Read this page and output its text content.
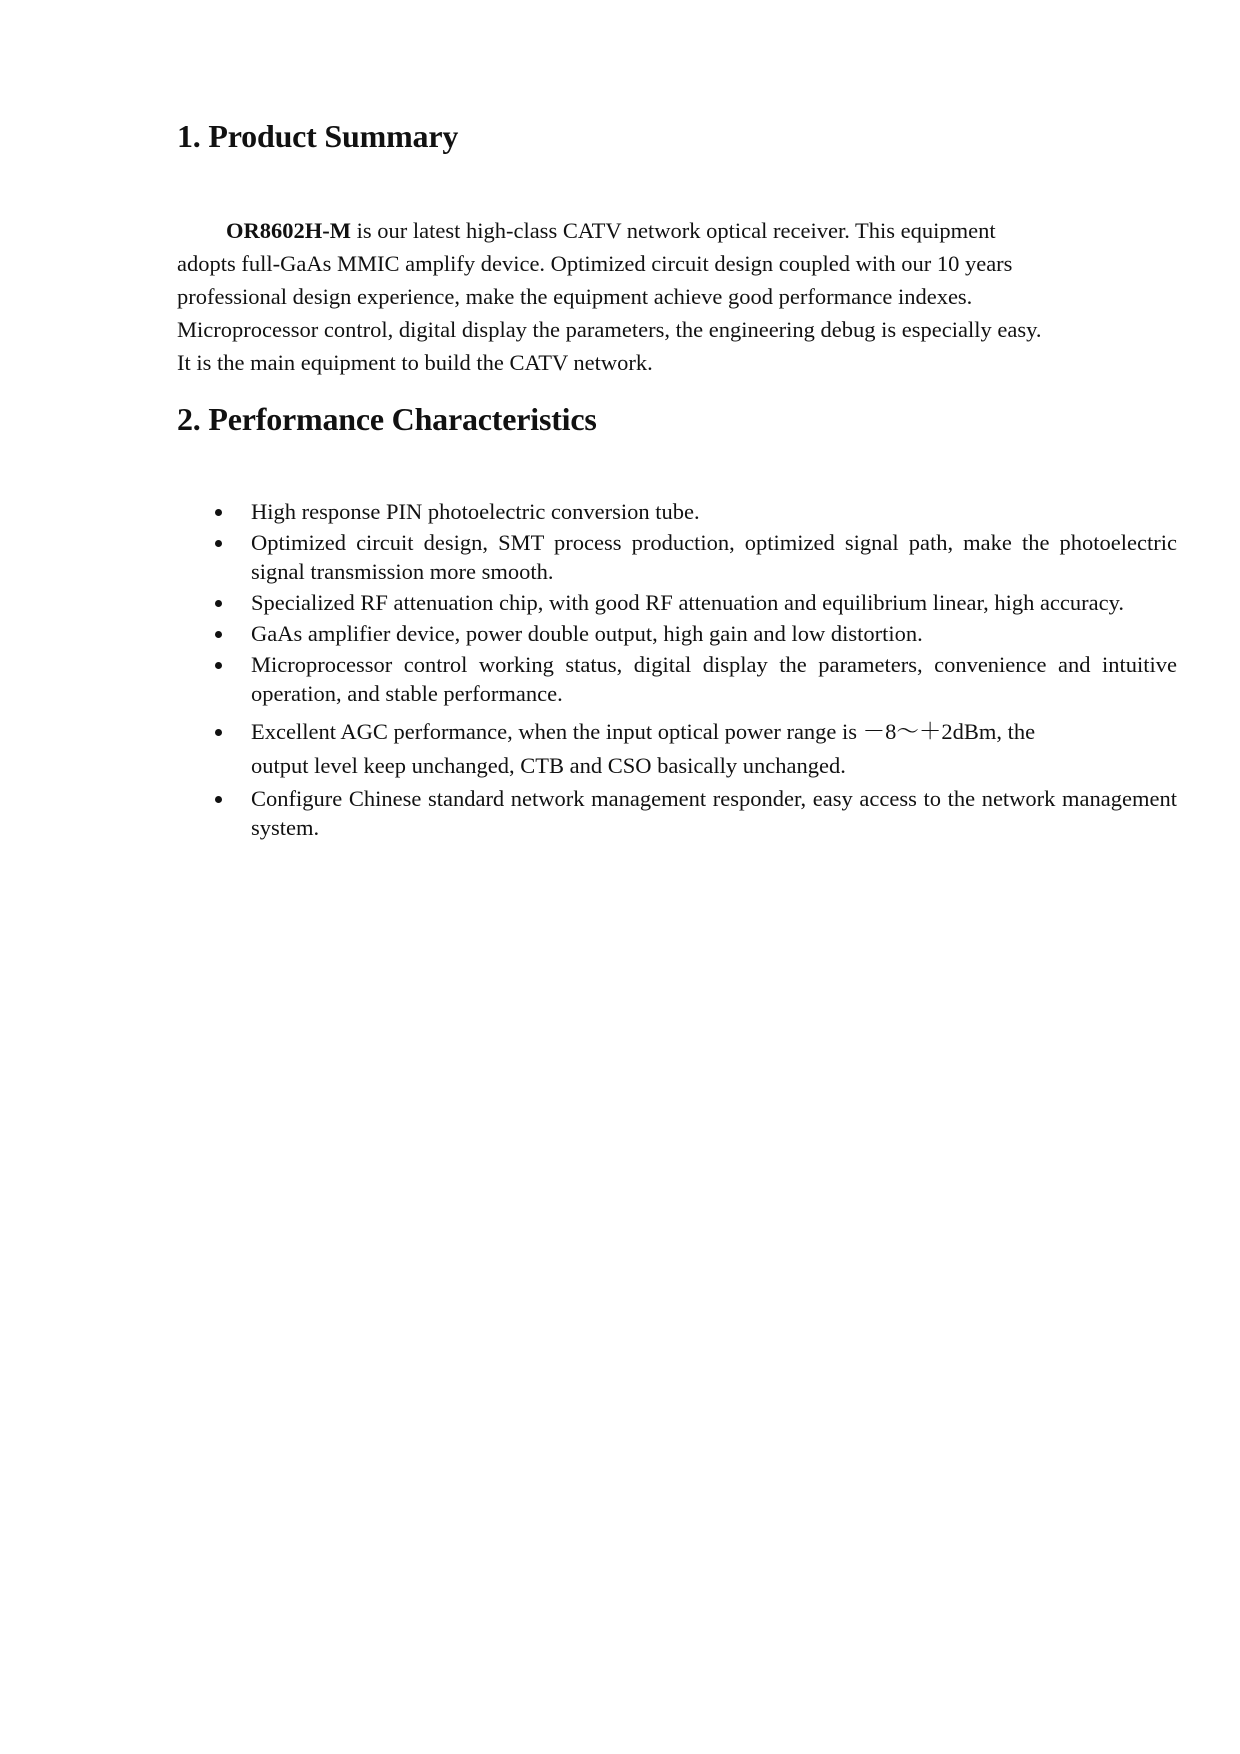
1. Product Summary

OR8602H-M is our latest high-class CATV network optical receiver. This equipment
adopts full-GaAs MMIC amplify device. Optimized circuit design coupled with our 10 years
professional design experience, make the equipment achieve good performance indexes.
Microprocessor control, digital display the parameters, the engineering debug is especially easy.
It is the main equipment to build the CATV network.

2. Performance Characteristics
High response PIN photoelectric conversion tube.
Optimized circuit design, SMT process production, optimized signal path, make the photoelectric signal transmission more smooth.
Specialized RF attenuation chip, with good RF attenuation and equilibrium linear, high accuracy.
GaAs amplifier device, power double output, high gain and low distortion.
Microprocessor control working status, digital display the parameters, convenience and intuitive operation, and stable performance.
Excellent AGC performance, when the input optical power range is －8～＋2dBm, the
output level keep unchanged, CTB and CSO basically unchanged.
Configure Chinese standard network management responder, easy access to the network management system.
